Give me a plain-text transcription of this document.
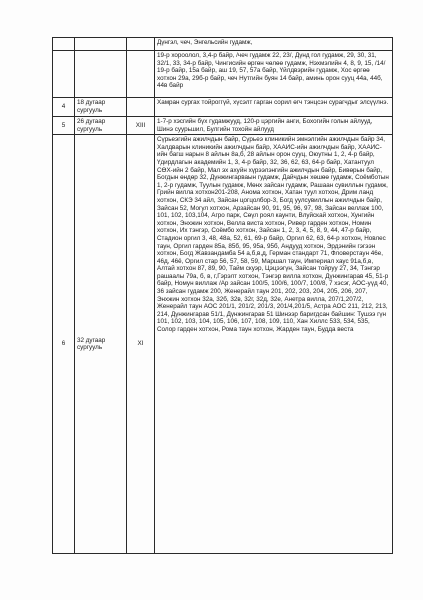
			Дүнгэл, чеч, Энгельсийн гудамж,

			19-р хороолол, 3,4-р байр, /чеч гудамж 22, 23/, Дүнд гол гудамж, 29, 30, 31, 32/1, 33, 34-р байр, Чингисийн өргөн чөлөө гудамж, Нэхмэлийн 4, 8, 9, 15, /14/ 19-р байр, 15а байр, аш 19, 57, 57а байр, Үйлдвэрийн гудамж, Хос өргөө хотхон 29а, 29б-р байр, чеч Нутгийн буян 14 байр, аминь орон сууц 44а, 44б, 44в байр

4	18 дугаар сургууль		Хамран сургах тойроггүй, хүсэлт гарган сорил өгч тэнцсэн сурагчдыг элсүүлнэ.

5	26 дугаар сургууль	XIII	1-7-р хэсгийн бүх гудамжууд, 120-р цэргийн анги, Бохогийн голын айлууд, Шинэ суурьшил, Булгийн тохойн айлууд

6	32 дугаар сургууль	XI	Сүрьеэгийн ажилчдын байр, Сүрьеэ клиникийн эмнэлгийн ажилчдын байр 34, Халдварын клиникийн ажилчдын байр, ХААИС-ийн ажилчдын байр, ХААИС-ийн багш нарын 8 айлын 8а,б, 28 айлын орон сууц, Оюутны 1, 2, 4-р байр, Үдирдлагын академийн 1, 3, 4-р байр, 32, 36, 62, 63, 64-р байр, Хатантуул СӨХ-ийн 2 байр, Мал эх ахуйн хүрээлэнгийн ажилчдын байр, Бивөрын байр, Богдын өндөр 32, Дүнжингарваын гудамж, Дайчдын хөшөө гудамж, Соёмботын 1, 2-р гудамж, Туулын гудамж, Мөнх зайсан гудамж, Рашаан сувиллын гудамж, Грийн вилла хотхон201-208, Анома хотхон, Хатан туул хотхон, Дрим ланд хотхон, СКЭ 34 айл, Зайсан цогцолбор-3, Богд уулсувиллын ажилчдын байр, Зайсан 52, Могул хотхон, Арзайсан 90, 91, 95, 96, 97, 98, Зайсан веллаж 100, 101, 102, 103,104, Агро парк, Сөүл роял каунти, Влуйскай хотхон, Хунгийн хотхон, Энхжин хотхон, Велла виста хотхон, Ривер гарден хотхон, Номин хотхон, Их тэнгэр, Соёмбо хотхон, Зайсан 1, 2, 3, 4, 5, 8, 9, 44, 47-р байр, Стадион оргил 3, 48, 48а, 52, 61, 69-р байр, Оргил 62, 63, 64-р хотхон, Новлес таун, Оргил гарден 85а, 85б, 95, 95а, 95б, Андууд хотхон, Эрдэнийн гэгээн хотхон, Богд Жавзандамба 54 а,б,в,д, Герман стандарт 71, Фловерстаун 46е, 46д, 46ё, Оргил стар 56, 57, 58, 59, Маршал таун, Империал хаус 91а,б,в, Алтай хотхон 87, 89, 90, Тайм скуэр, Цэцээгүн, Зайсан тойруу 27, 34, Тэнгэр рашаалы 79а, б, в, г,Гэрэлт хотхон, Тэнгэр вилла хотхон, Дүнжингарав 45, 51-р байр, Номун виллаж /Ар зайсан 100/5, 100/6, 100/7, 100/8, 7 хэсэг, АОС-уүд 40, 36 зайсан гудамж 200, Женерайл таун 201, 202, 203, 204, 205, 206, 207, Энхжин хотхон 32а, 32б, 32в, 32г, 32д, 32е, Анетра вилла, 207/1,207/2, Женерайл таун АОС 201/1, 201/2, 201/3, 201/4,201/5, Астра АОС 211, 212, 213, 214, Дүнжингарав 51/1, Дүнжингарав 51 Шинээр баригдсан байшин: Тушээ гүн 101, 102, 103, 104, 105, 106, 107, 108, 109, 110, Хан Хиллс 533, 534, 535, Солор гарден хотхон, Рома таун хотхон, Жарден таун, Будда веста
